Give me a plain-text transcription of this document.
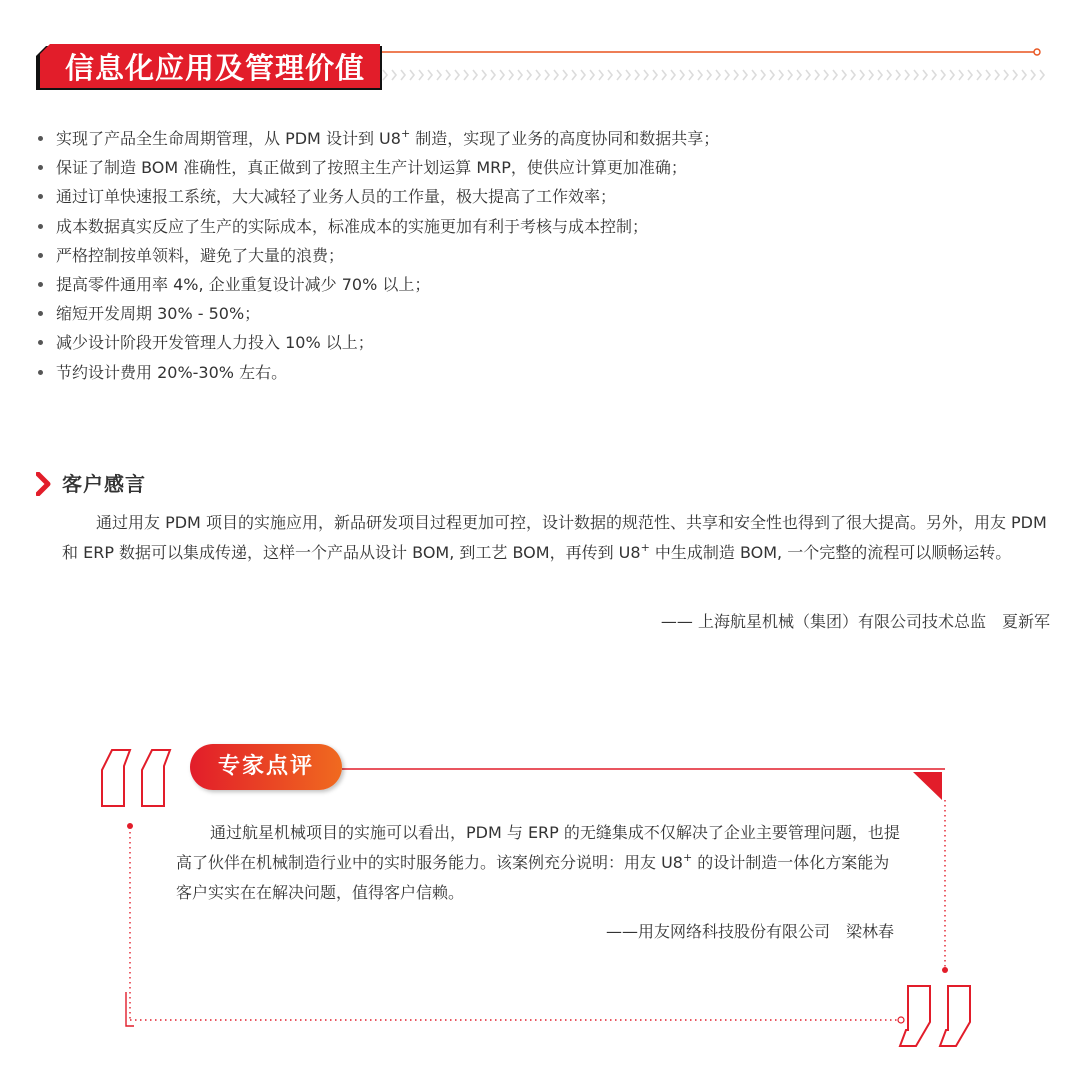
信息化应用及管理价值
实现了产品全生命周期管理，从 PDM 设计到 U8+ 制造，实现了业务的高度协同和数据共享；
保证了制造 BOM 准确性，真正做到了按照主生产计划运算 MRP，使供应计算更加准确；
通过订单快速报工系统，大大减轻了业务人员的工作量，极大提高了工作效率；
成本数据真实反应了生产的实际成本，标准成本的实施更加有利于考核与成本控制；
严格控制按单领料，避免了大量的浪费；
提高零件通用率 4%, 企业重复设计减少 70% 以上；
缩短开发周期 30% - 50%；
减少设计阶段开发管理人力投入 10% 以上；
节约设计费用 20%-30% 左右。
客户感言

通过用友 PDM 项目的实施应用，新品研发项目过程更加可控，设计数据的规范性、共享和安全性也得到了很大提高。另外，用友 PDM 和 ERP 数据可以集成传递，这样一个产品从设计 BOM, 到工艺 BOM，再传到 U8+ 中生成制造 BOM, 一个完整的流程可以顺畅运转。

—— 上海航星机械（集团）有限公司技术总监　夏新军
专家点评

通过航星机械项目的实施可以看出，PDM 与 ERP 的无缝集成不仅解决了企业主要管理问题，也提高了伙伴在机械制造行业中的实时服务能力。该案例充分说明：用友 U8+ 的设计制造一体化方案能为客户实实在在解决问题，值得客户信赖。

——用友网络科技股份有限公司　梁林春
